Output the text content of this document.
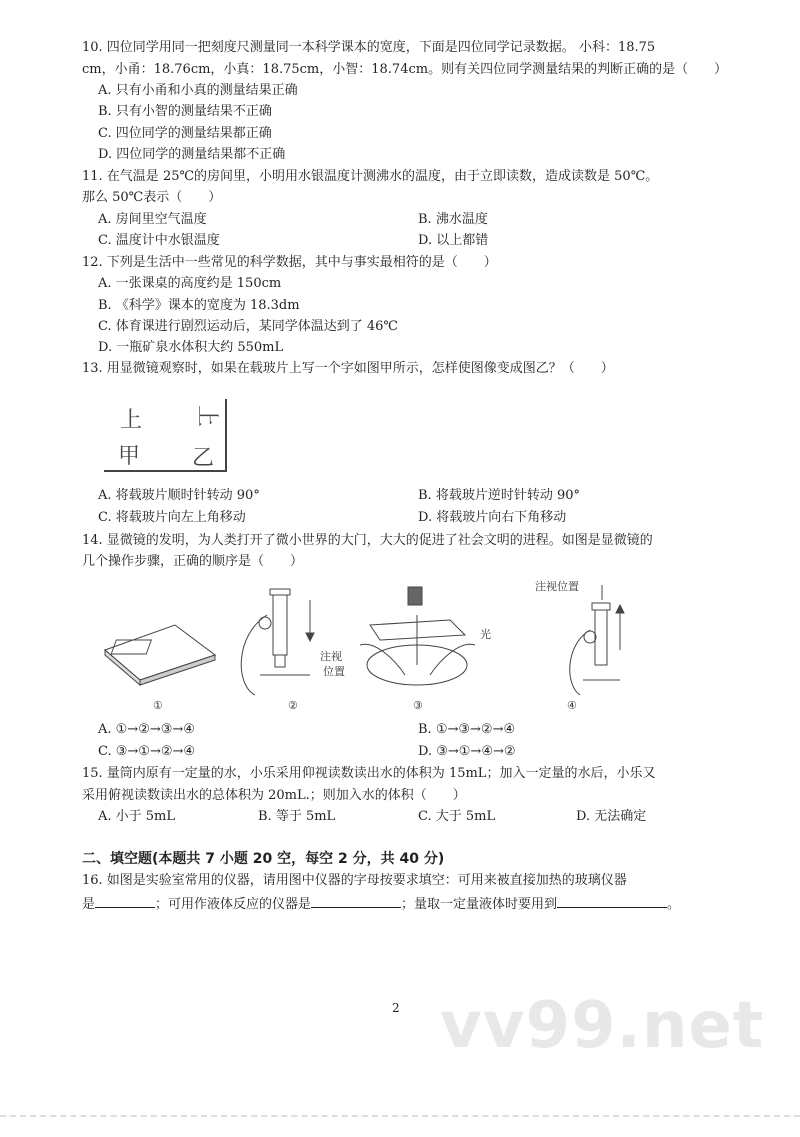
10. 四位同学用同一把刻度尺测量同一本科学课本的宽度，下面是四位同学记录数据。 小科：18.75
cm，小甬：18.76cm，小真：18.75cm，小智：18.74cm。则有关四位同学测量结果的判断正确的是（　　）
A. 只有小甬和小真的测量结果正确
B. 只有小智的测量结果不正确
C. 四位同学的测量结果都正确
D. 四位同学的测量结果都不正确
11. 在气温是 25℃的房间里，小明用水银温度计测沸水的温度，由于立即读数，造成读数是 50℃。
那么 50℃表示（　　）
A. 房间里空气温度	B. 沸水温度
C. 温度计中水银温度	D. 以上都错
12. 下列是生活中一些常见的科学数据，其中与事实最相符的是（　　）
A. 一张课桌的高度约是 150cm
B. 《科学》课本的宽度为 18.3dm
C. 体育课进行剧烈运动后，某同学体温达到了 46℃
D. 一瓶矿泉水体积大约 550mL
13. 用显微镜观察时，如果在载玻片上写一个字如图甲所示，怎样使图像变成图乙？（　　）
上 上
甲 乙
A. 将载玻片顺时针转动 90°	B. 将载玻片逆时针转动 90°
C. 将载玻片向左上角移动	D. 将载玻片向右下角移动
14. 显微镜的发明，为人类打开了微小世界的大门，大大的促进了社会文明的进程。如图是显微镜的
几个操作步骤，正确的顺序是（　　）
①
注视
位置
②
光
③
注视位置
④
A. ①→②→③→④	B. ①→③→②→④
C. ③→①→②→④	D. ③→①→④→②
15. 量筒内原有一定量的水，小乐采用仰视读数读出水的体积为 15mL；加入一定量的水后，小乐又
采用俯视读数读出水的总体积为 20mL.；则加入水的体积（　　）
A. 小于 5mL	B. 等于 5mL	C. 大于 5mL	D. 无法确定
二、填空题(本题共 7 小题 20 空，每空 2 分，共 40 分)
16. 如图是实验室常用的仪器，请用图中仪器的字母按要求填空：可用来被直接加热的玻璃仪器
是	；可用作液体反应的仪器是	；量取一定量液体时要用到	。
2 vv99.net
